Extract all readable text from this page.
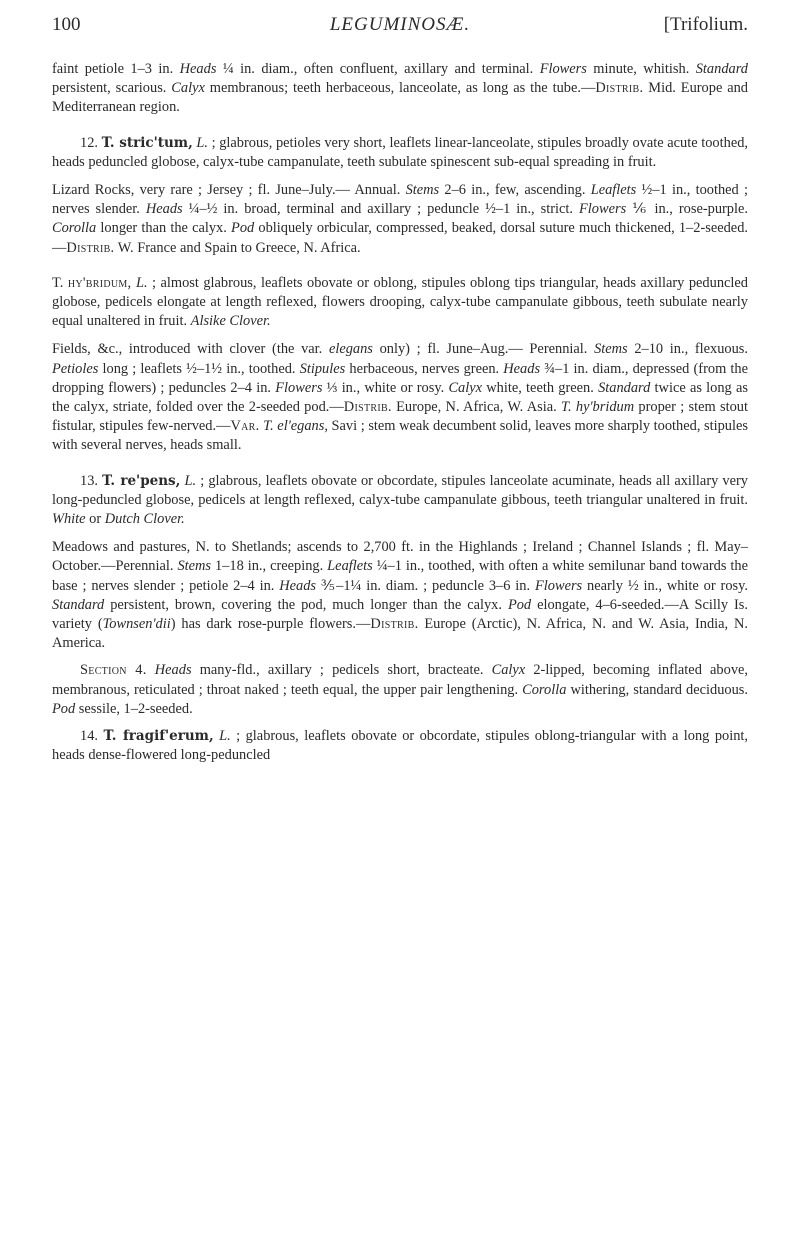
100	LEGUMINOSÆ.	[Trifolium.

faint petiole 1–3 in. Heads ¼ in. diam., often confluent, axillary and terminal. Flowers minute, whitish. Standard persistent, scarious. Calyx membranous; teeth herbaceous, lanceolate, as long as the tube.—Distrib. Mid. Europe and Mediterranean region.

12. T. stric'tum, L. ; glabrous, petioles very short, leaflets linear-lanceolate, stipules broadly ovate acute toothed, heads peduncled globose, calyx-tube campanulate, teeth subulate spinescent sub-equal spreading in fruit.

Lizard Rocks, very rare ; Jersey ; fl. June–July.— Annual. Stems 2–6 in., few, ascending. Leaflets ½–1 in., toothed ; nerves slender. Heads ¼–½ in. broad, terminal and axillary ; peduncle ½–1 in., strict. Flowers ⅙ in., rose-purple. Corolla longer than the calyx. Pod obliquely orbicular, compressed, beaked, dorsal suture much thickened, 1–2-seeded.—Distrib. W. France and Spain to Greece, N. Africa.

T. hy'bridum, L. ; almost glabrous, leaflets obovate or oblong, stipules oblong tips triangular, heads axillary peduncled globose, pedicels elongate at length reflexed, flowers drooping, calyx-tube campanulate gibbous, teeth subulate nearly equal unaltered in fruit. Alsike Clover.

Fields, &c., introduced with clover (the var. elegans only) ; fl. June–Aug.— Perennial. Stems 2–10 in., flexuous. Petioles long ; leaflets ½–1½ in., toothed. Stipules herbaceous, nerves green. Heads ¾–1 in. diam., depressed (from the dropping flowers) ; peduncles 2–4 in. Flowers ⅓ in., white or rosy. Calyx white, teeth green. Standard twice as long as the calyx, striate, folded over the 2-seeded pod.—Distrib. Europe, N. Africa, W. Asia. T. hy'bridum proper ; stem stout fistular, stipules few-nerved.—Var. T. el'egans, Savi ; stem weak decumbent solid, leaves more sharply toothed, stipules with several nerves, heads small.

13. T. re'pens, L. ; glabrous, leaflets obovate or obcordate, stipules lanceolate acuminate, heads all axillary very long-peduncled globose, pedicels at length reflexed, calyx-tube campanulate gibbous, teeth triangular unaltered in fruit. White or Dutch Clover.

Meadows and pastures, N. to Shetlands; ascends to 2,700 ft. in the Highlands ; Ireland ; Channel Islands ; fl. May–October.—Perennial. Stems 1–18 in., creeping. Leaflets ¼–1 in., toothed, with often a white semilunar band towards the base ; nerves slender ; petiole 2–4 in. Heads ⅗–1¼ in. diam. ; peduncle 3–6 in. Flowers nearly ½ in., white or rosy. Standard persistent, brown, covering the pod, much longer than the calyx. Pod elongate, 4–6-seeded.—A Scilly Is. variety (Townsen'dii) has dark rose-purple flowers.—Distrib. Europe (Arctic), N. Africa, N. and W. Asia, India, N. America.

Section 4. Heads many-fld., axillary ; pedicels short, bracteate. Calyx 2-lipped, becoming inflated above, membranous, reticulated ; throat naked ; teeth equal, the upper pair lengthening. Corolla withering, standard deciduous. Pod sessile, 1–2-seeded.

14. T. fragif'erum, L. ; glabrous, leaflets obovate or obcordate, stipules oblong-triangular with a long point, heads dense-flowered long-peduncled
